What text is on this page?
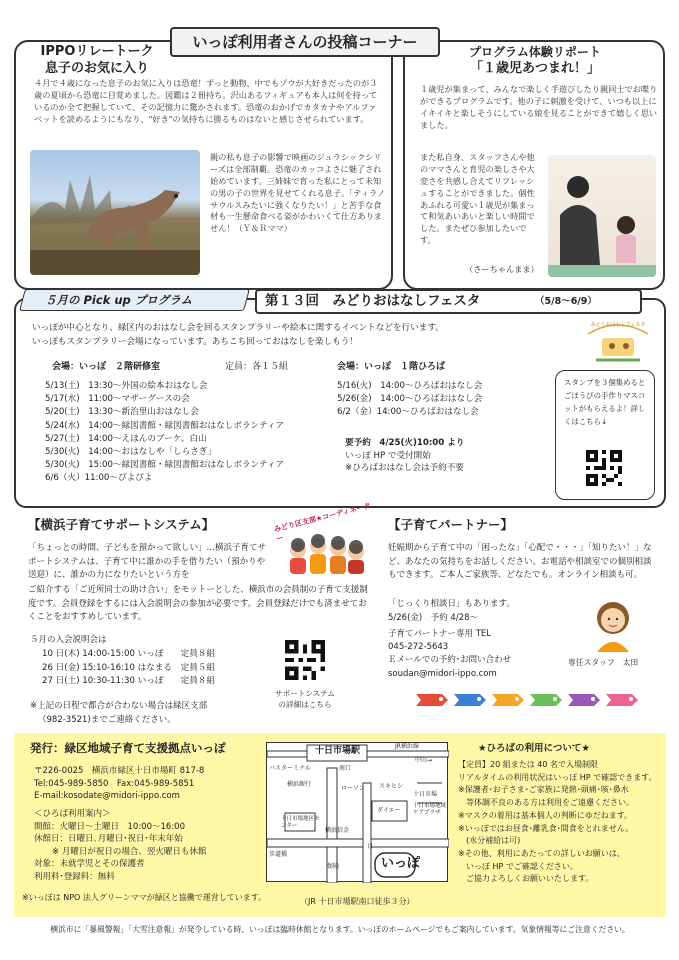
いっぽ利用者さんの投稿コーナー
IPPOリレートーク
息子のお気に入り
４月で４歳になった息子のお気に入りは恐竜！ずっと動物、中でもゾウが大好きだったのが３歳の夏頃から恐竜に目覚めました。図鑑は２冊持ち。沢山あるフィギュアも本人は何を持っているのか全て把握していて、その記憶力に驚かされます。恐竜のおかげでカタカナやアルファベットを読めるようにもなり、"好き"の気持ちに勝るものはないと感じさせられています。
親の私も息子の影響で映画のジュラシックシリーズは全部制覇。恐竜のカッコよさに魅了され始めています。三姉妹で育った私にとって未知の男の子の世界を見せてくれる息子。「ティラノサウルスみたいに強くなりたい！」と苦手な食材も一生懸命食べる姿がかわいくて仕方ありません！（Ｙ＆Ｒママ）
プログラム体験リポート
「１歳児あつまれ！」
１歳児が集まって、みんなで楽しく手遊びしたり親同士でお喋りができるプログラムです。他の子に刺激を受けて、いつも以上にイキイキと楽しそうにしている娘を見ることができて嬉しく思いました。
また私自身、スタッフさんや他のママさんと育児の楽しさや大変さを共感し合えてリフレッシュすることができました。個性あふれる可愛い１歳児が集まって和気あいあいと楽しい時間でした。またぜひ参加したいです。
（さーちゃんまま）
５月の Pick up プログラム	第１３回　みどりおはなしフェスタ	（5/8～6/9）
いっぽが中心となり、緑区内のおはなし会を回るスタンプラリーや絵本に関するイベントなどを行います。
いっぽもスタンプラリー会場になっています。あちこち回っておはなしを楽しもう！
会場：いっぽ　２階研修室	定員：各１５組
5/13(土)　13:30～外国の絵本おはなし会
5/17(水)　11:00～マザーグースの会
5/20(土)　13:30～新治里山おはなし会
5/24(水)　14:00～緑図書館・緑図書館おはなしボランティア
5/27(土)　14:00～えほんのブーケ、白山
5/30(火)　14:00～おはなしや「しらさぎ」
5/30(火)　15:00～緑図書館・緑図書館おはなしボランティア
6/6（火）11:00～ぴよぴよ
会場：いっぽ　１階ひろば
5/16(火)　14:00～ひろばおはなし会
5/26(金)　14:00～ひろばおはなし会
6/2（金）14:00～ひろばおはなし会
要予約　4/25(火)10:00 より
いっぽ HP で受付開始
※ひろばおはなし会は予約不要
みどりおはなしフェスタ
スタンプを３個集めるとごほうびの手作りマスコットがもらえるよ！詳しくはこちら↓
【横浜子育てサポートシステム】	みどり区支部★コーディネーター
「ちょっとの時間、子どもを預かって欲しい」…横浜子育てサポートシステムは、子育て中に誰かの手を借りたい（預かりや送迎）に、誰かの力になりたいという方を
ご紹介する「ご近所同士の助け合い」をモットーとした、横浜市の会員制の子育て支援制度です。会員登録をするには入会説明会の参加が必要です。会員登録だけでも済ませておくことをおすすめしています。
５月の入会説明会は
10 日(木) 14:00-15:00 いっぽ　　定員８組
26 日(金) 15:10-16:10 はなまる　定員５組
27 日(土) 10:30-11:30 いっぽ　　定員８組
サポートシステム
の詳細はこちら
※上記の日程で都合が合わない場合は緑区支部
（982-3521)までご連絡ください。
【子育てパートナー】
妊娠期から子育て中の「困ったな」「心配で・・・」「知りたい！」など、あなたの気持ちをお話しください。お電話や相談室での個別相談もできます。ご本人ご家族等、どなたでも。オンライン相談も可。
「じっくり相談日」もあります。
5/26(金)　予約 4/28～
子育てパートナー専用 TEL
045-272-5643
Ｅメールでの予約･お問い合わせ
soudan@midori-ippo.com
専任スタッフ　太田
発行：緑区地域子育て支援拠点いっぽ
〒226-0025　横浜市緑区十日市場町 817-8
Tel:045-989-5850　Fax:045-989-5851
E-mail:kosodate@midori-ippo.com
＜ひろば利用案内＞
開館：火曜日～土曜日　10:00～16:00
休館日：日曜日､月曜日･祝日･年末年始
※ 月曜日が祝日の場合、翌火曜日も休館
対象：未就学児とその保護者
利用料･登録料：無料
※いっぽは NPO 法人グリーンママが緑区と協働で運営しています。
十日市場駅	JR横浜線
バスターミナル	南口
横浜銀行
ローソン
ダイエー
十日市場地区センター
十日市場地域ケアプラザ
横浜信金
中山→
スキヒシ
十日市場
歩道橋
日
保険	いっぽ
（JR 十日市場駅南口徒歩３分）
★ひろばの利用について★
【定員】20 組または 40 名で入場制限
リアルタイムの利用状況はいっぽ HP で確認できます。
※保護者･お子さま･ご家族に発熱･頭痛･咳･鼻水
　等体調不良のある方は利用をご遠慮ください。
※マスクの着用は基本個人の判断にゆだねます。
※いっぽではお昼食･離乳食･間食をとれません。
　(水分補給は可)
※その他、利用にあたっての詳しいお願いは、
　いっぽ HP でご確認ください。
　ご協力よろしくお願いいたします。
横浜市に「暴風警報」「大雪注意報」が発令している時、いっぽは臨時休館となります。いっぽのホームページでもご案内しています。気象情報等にご注意ください。
